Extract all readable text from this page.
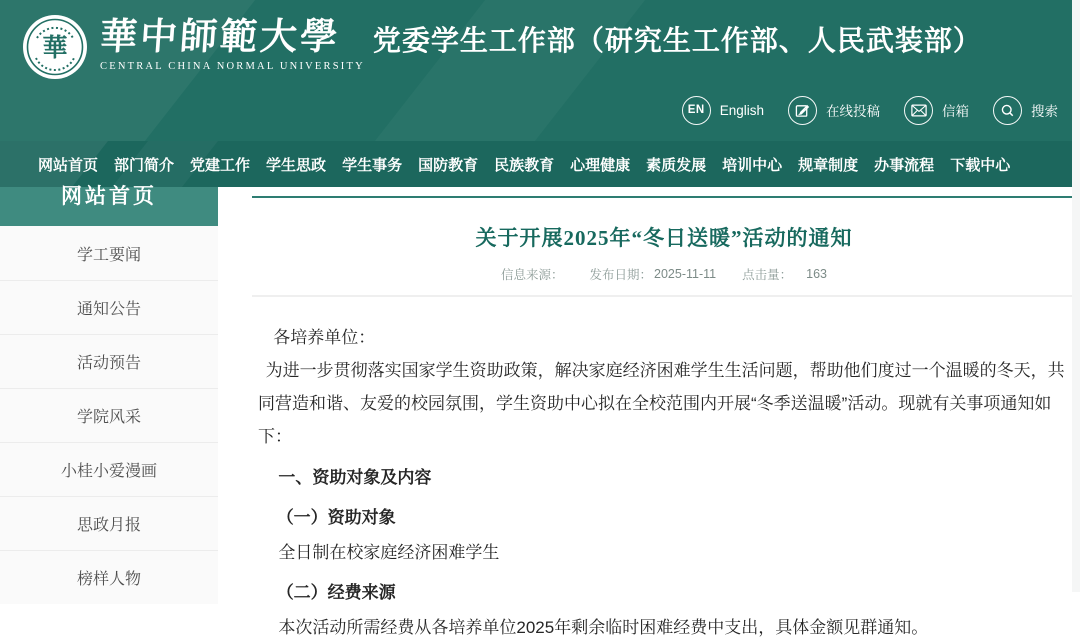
華 華中師範大學
CENTRAL CHINA NORMAL UNIVERSITY
党委学生工作部（研究生工作部、人民武装部）
EN English	在线投稿	信箱	搜索
网站首页 部门简介 党建工作 学生思政 学生事务 国防教育 民族教育 心理健康 素质发展 培训中心 规章制度 办事流程 下载中心
网站首页
学工要闻
通知公告
活动预告
学院风采
小桂小爱漫画
思政月报
榜样人物
关于开展2025年“冬日送暖”活动的通知
信息来源： 发布日期： 2025-11-11 点击量： 163

各培养单位：

为进一步贯彻落实国家学生资助政策，解决家庭经济困难学生生活问题，帮助他们度过一个温暖的冬天，共同营造和谐、友爱的校园氛围，学生资助中心拟在全校范围内开展“冬季送温暖”活动。现就有关事项通知如下：

一、资助对象及内容

（一）资助对象

全日制在校家庭经济困难学生

（二）经费来源

本次活动所需经费从各培养单位2025年剩余临时困难经费中支出，具体金额见群通知。
